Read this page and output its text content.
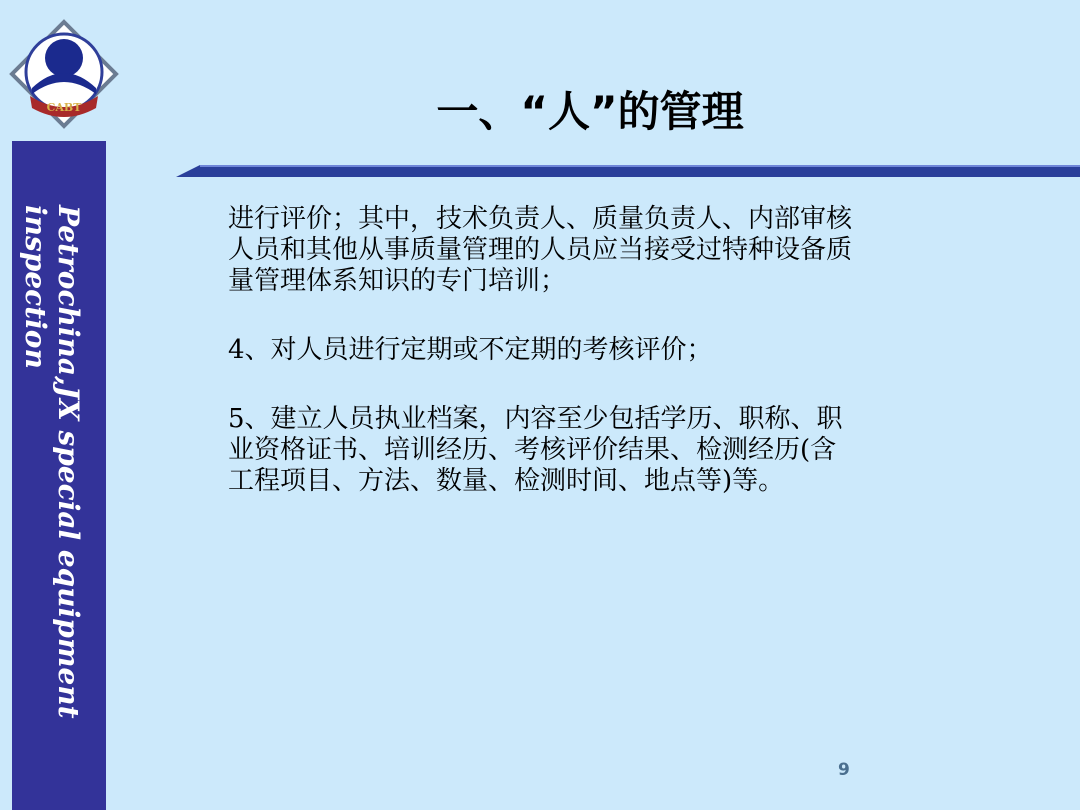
CABT
Petrochina,JX special equipment
inspection
一、“人”的管理
进行评价；其中，技术负责人、质量负责人、内部审核
人员和其他从事质量管理的人员应当接受过特种设备质
量管理体系知识的专门培训；
4、对人员进行定期或不定期的考核评价；
5、建立人员执业档案，内容至少包括学历、职称、职
业资格证书、培训经历、考核评价结果、检测经历(含
工程项目、方法、数量、检测时间、地点等)等。
9
